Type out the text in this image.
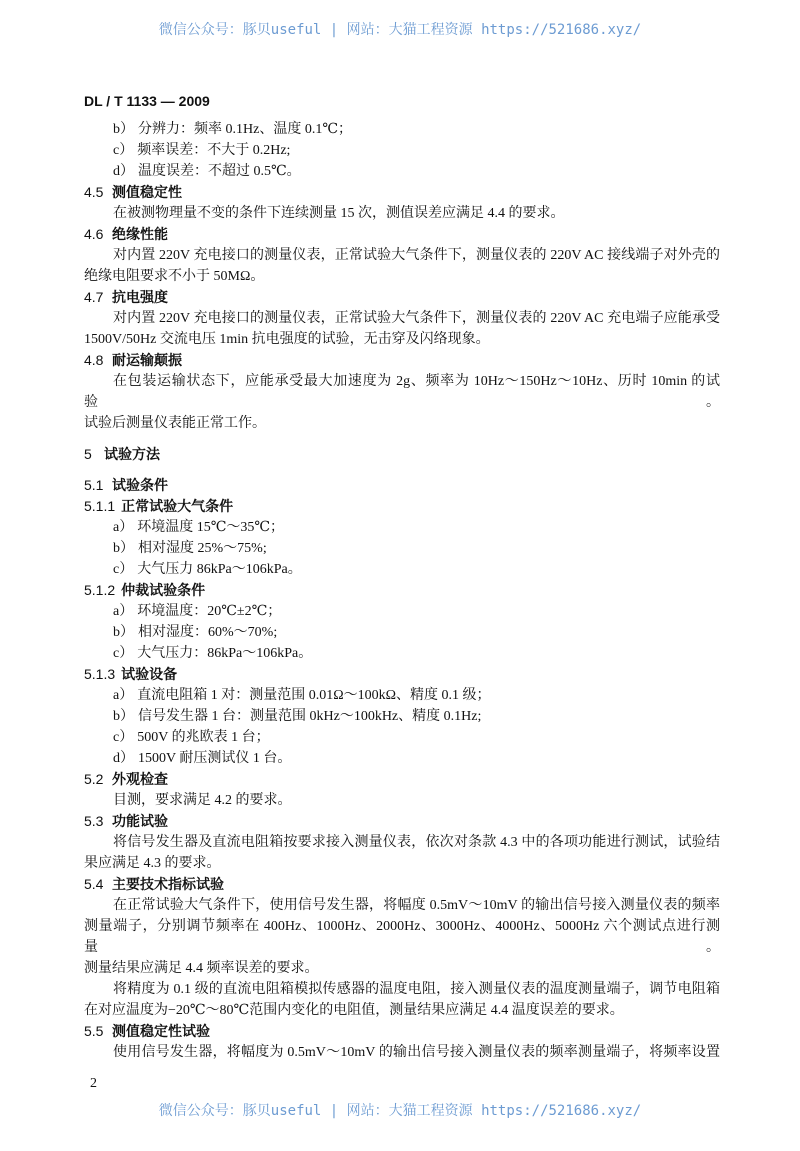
微信公众号：豚贝useful | 网站：大猫工程资源 https://521686.xyz/
DL / T 1133 — 2009
b） 分辨力：频率 0.1Hz、温度 0.1℃；
c） 频率误差：不大于 0.2Hz;
d） 温度误差：不超过 0.5℃。
4.5 测值稳定性
在被测物理量不变的条件下连续测量 15 次，测值误差应满足 4.4 的要求。
4.6 绝缘性能
对内置 220V 充电接口的测量仪表，正常试验大气条件下，测量仪表的 220V AC 接线端子对外壳的
绝缘电阻要求不小于 50MΩ。
4.7 抗电强度
对内置 220V 充电接口的测量仪表，正常试验大气条件下，测量仪表的 220V AC 充电端子应能承受
1500V/50Hz 交流电压 1min 抗电强度的试验，无击穿及闪络现象。
4.8 耐运输颠振
在包装运输状态下，应能承受最大加速度为 2g、频率为 10Hz～150Hz～10Hz、历时 10min 的试验。
试验后测量仪表能正常工作。
5 试验方法
5.1 试验条件
5.1.1 正常试验大气条件
a） 环境温度 15℃～35℃；
b） 相对湿度 25%～75%;
c） 大气压力 86kPa～106kPa。
5.1.2 仲裁试验条件
a） 环境温度：20℃±2℃；
b） 相对湿度：60%～70%;
c） 大气压力：86kPa～106kPa。
5.1.3 试验设备
a） 直流电阻箱 1 对：测量范围 0.01Ω～100kΩ、精度 0.1 级；
b） 信号发生器 1 台：测量范围 0kHz～100kHz、精度 0.1Hz;
c） 500V 的兆欧表 1 台；
d） 1500V 耐压测试仪 1 台。
5.2 外观检查
目测，要求满足 4.2 的要求。
5.3 功能试验
将信号发生器及直流电阻箱按要求接入测量仪表，依次对条款 4.3 中的各项功能进行测试，试验结
果应满足 4.3 的要求。
5.4 主要技术指标试验
在正常试验大气条件下，使用信号发生器，将幅度 0.5mV～10mV 的输出信号接入测量仪表的频率
测量端子，分别调节频率在 400Hz、1000Hz、2000Hz、3000Hz、4000Hz、5000Hz 六个测试点进行测量。
测量结果应满足 4.4 频率误差的要求。
将精度为 0.1 级的直流电阻箱模拟传感器的温度电阻，接入测量仪表的温度测量端子，调节电阻箱
在对应温度为−20℃～80℃范围内变化的电阻值，测量结果应满足 4.4 温度误差的要求。
5.5 测值稳定性试验
使用信号发生器，将幅度为 0.5mV～10mV 的输出信号接入测量仪表的频率测量端子，将频率设置
2
微信公众号：豚贝useful | 网站：大猫工程资源 https://521686.xyz/
